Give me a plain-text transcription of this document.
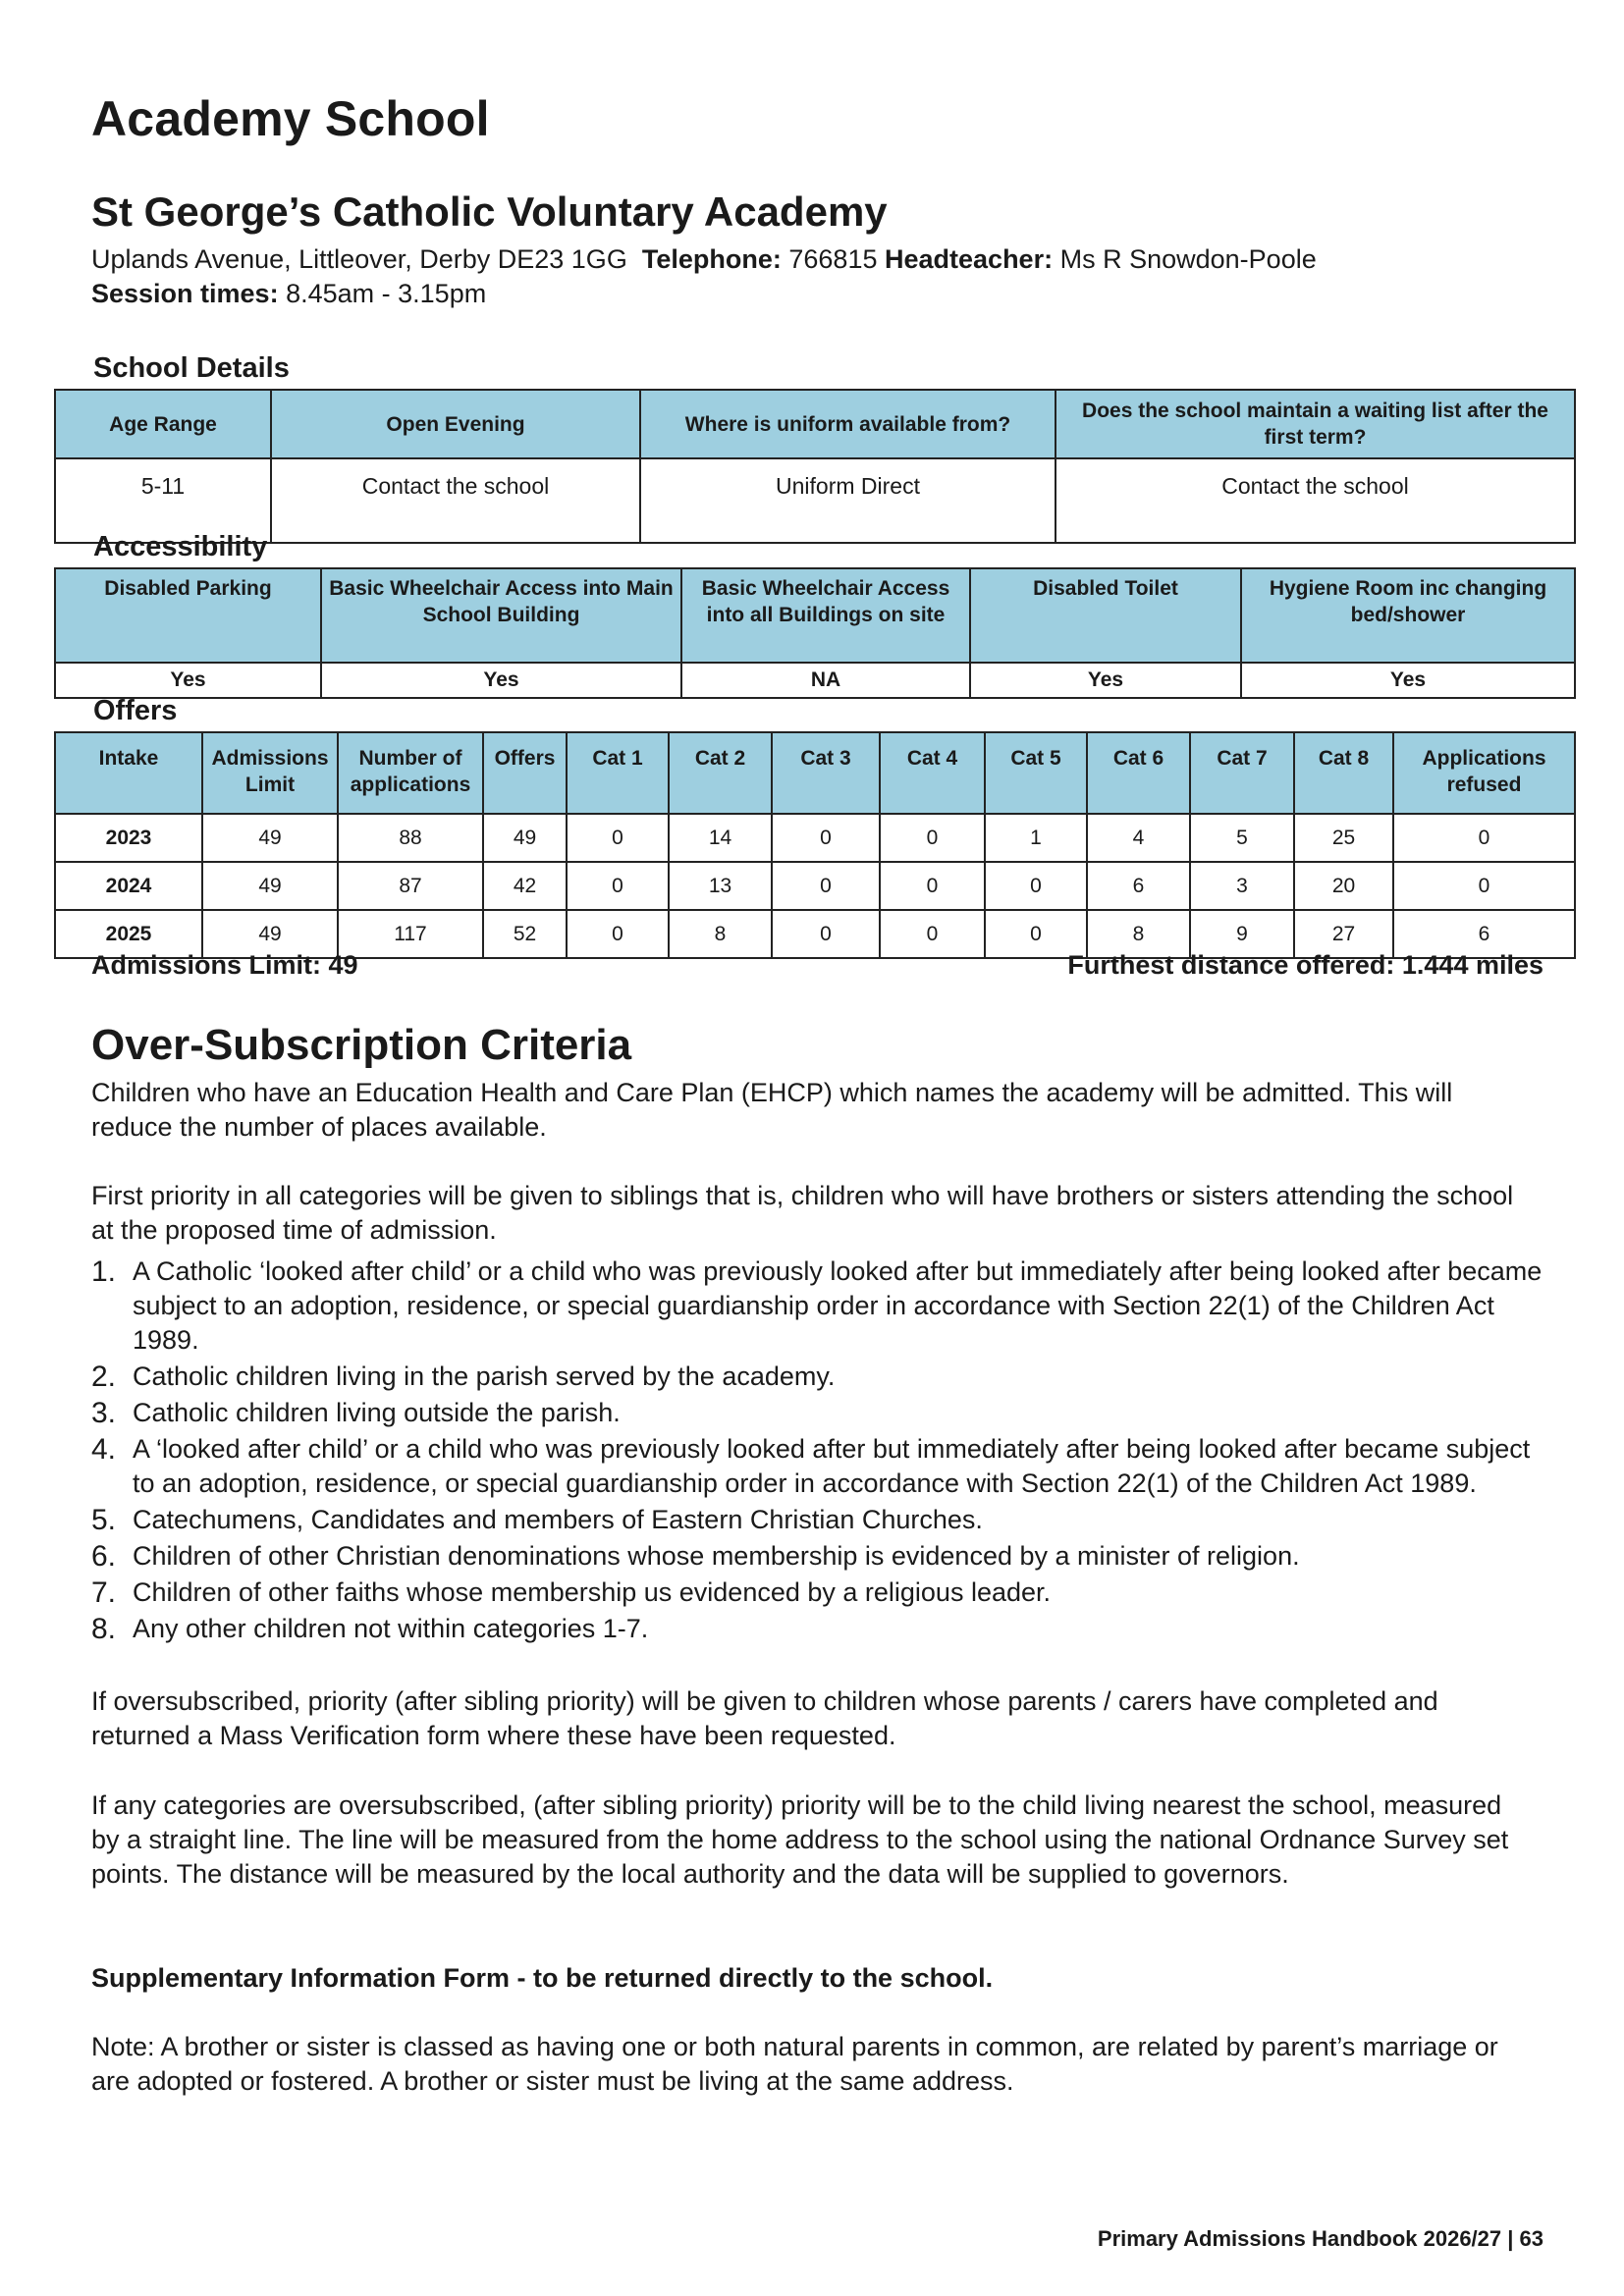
Academy School
St George’s Catholic Voluntary Academy
Uplands Avenue, Littleover, Derby DE23 1GG Telephone: 766815 Headteacher: Ms R Snowdon-Poole
Session times: 8.45am - 3.15pm
School Details
Age Range	Open Evening	Where is uniform available from?	Does the school maintain a waiting list after the first term?
5-11	Contact the school	Uniform Direct	Contact the school
Accessibility
Disabled Parking	Basic Wheelchair Access into Main School Building	Basic Wheelchair Access into all Buildings on site	Disabled Toilet	Hygiene Room inc changing bed/shower
Yes	Yes	NA	Yes	Yes
Offers
Intake	Admissions Limit	Number of applications	Offers	Cat 1	Cat 2	Cat 3	Cat 4	Cat 5	Cat 6	Cat 7	Cat 8	Applications refused
2023	49	88	49	0	14	0	0	1	4	5	25	0
2024	49	87	42	0	13	0	0	0	6	3	20	0
2025	49	117	52	0	8	0	0	0	8	9	27	6
Admissions Limit: 49	Furthest distance offered: 1.444 miles
Over-Subscription Criteria

Children who have an Education Health and Care Plan (EHCP) which names the academy will be admitted. This will reduce the number of places available.

First priority in all categories will be given to siblings that is, children who will have brothers or sisters attending the school at the proposed time of admission.

1. A Catholic ‘looked after child’ or a child who was previously looked after but immediately after being looked after became subject to an adoption, residence, or special guardianship order in accordance with Section 22(1) of the Children Act 1989.
2. Catholic children living in the parish served by the academy.
3. Catholic children living outside the parish.
4. A ‘looked after child’ or a child who was previously looked after but immediately after being looked after became subject to an adoption, residence, or special guardianship order in accordance with Section 22(1) of the Children Act 1989.
5. Catechumens, Candidates and members of Eastern Christian Churches.
6. Children of other Christian denominations whose membership is evidenced by a minister of religion.
7. Children of other faiths whose membership us evidenced by a religious leader.
8. Any other children not within categories 1-7.

If oversubscribed, priority (after sibling priority) will be given to children whose parents / carers have completed and returned a Mass Verification form where these have been requested.

If any categories are oversubscribed, (after sibling priority) priority will be to the child living nearest the school, measured by a straight line. The line will be measured from the home address to the school using the national Ordnance Survey set points. The distance will be measured by the local authority and the data will be supplied to governors.

Supplementary Information Form - to be returned directly to the school.

Note: A brother or sister is classed as having one or both natural parents in common, are related by parent’s marriage or are adopted or fostered. A brother or sister must be living at the same address.

Primary Admissions Handbook 2026/27 | 63
